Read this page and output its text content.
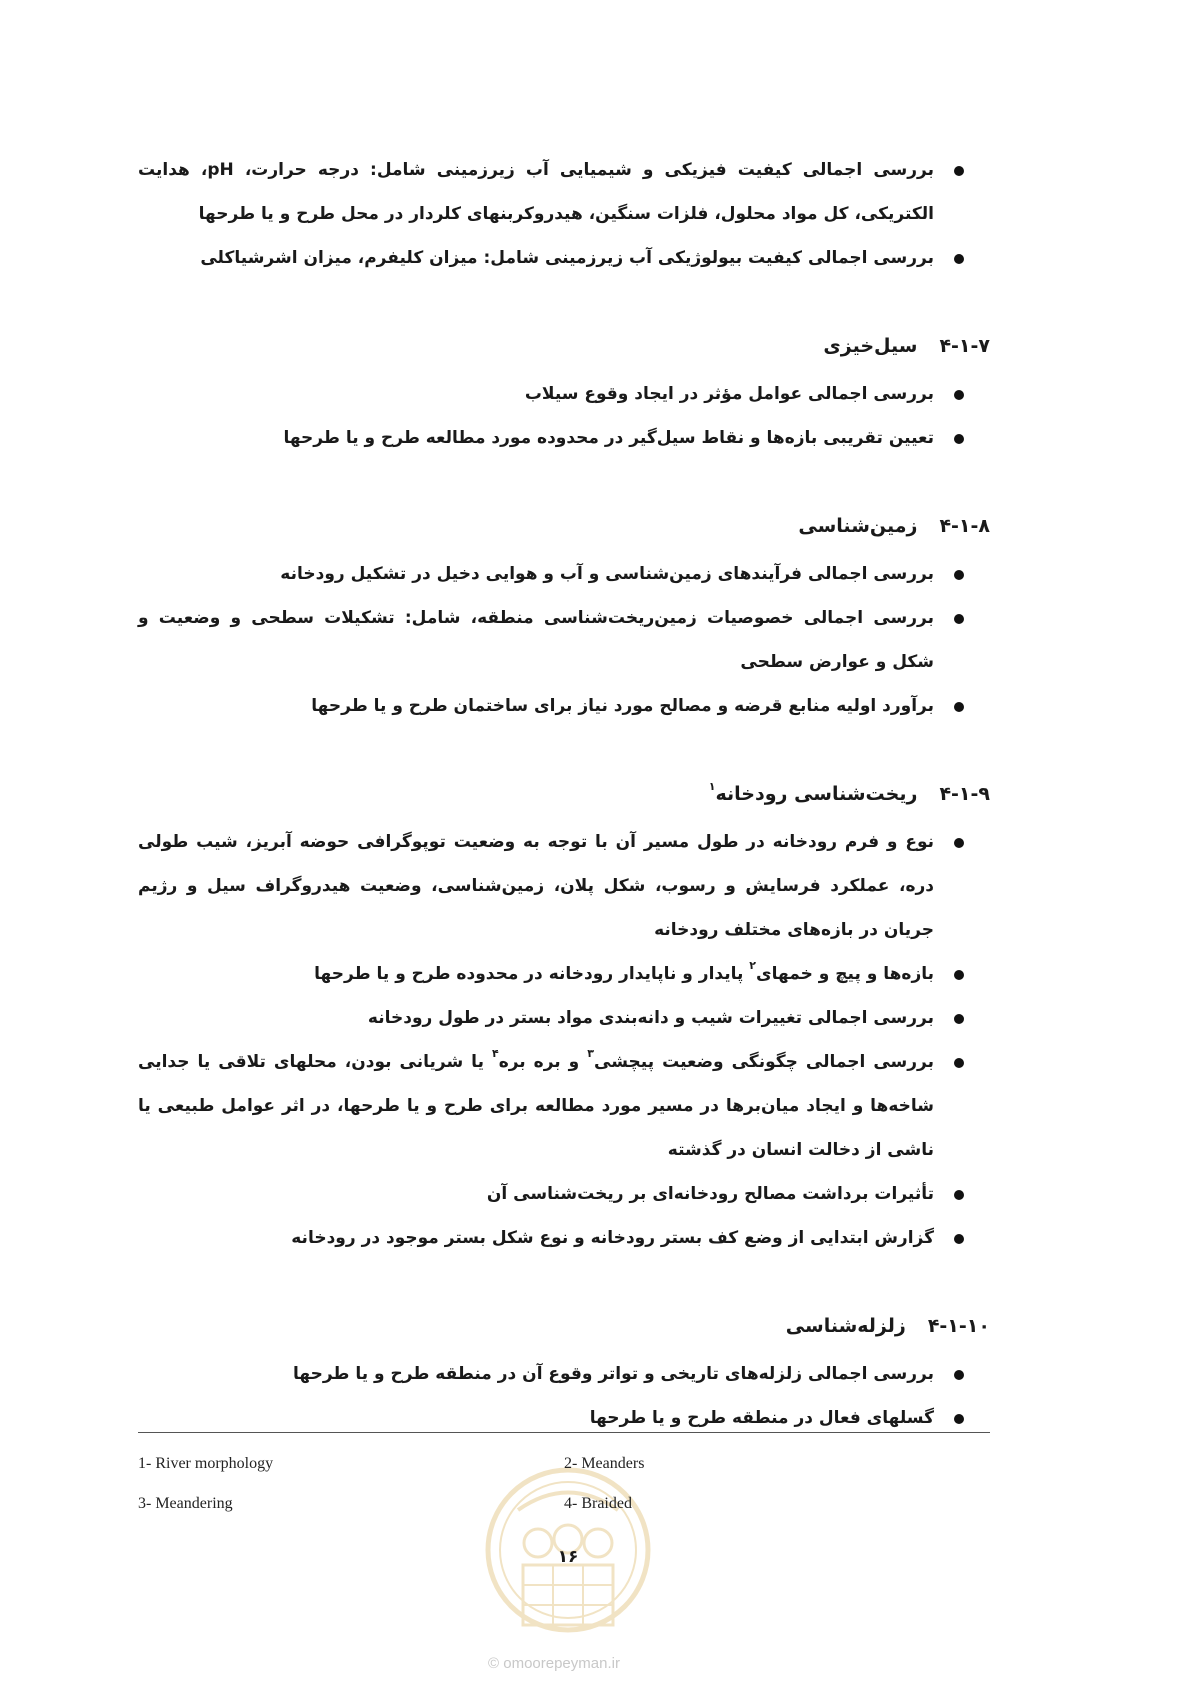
بررسی اجمالی کیفیت فیزیکی و شیمیایی آب زیرزمینی شامل: درجه حرارت، pH، هدایت الکتریکی، کل مواد محلول، فلزات سنگین، هیدروکربنهای کلردار در محل طرح و یا طرحها
بررسی اجمالی کیفیت بیولوژیکی آب زیرزمینی شامل: میزان کلیفرم، میزان اشرشیاکلی
۴-۱-۷سیل‌خیزی
بررسی اجمالی عوامل مؤثر در ایجاد وقوع سیلاب
تعیین تقریبی بازه‌ها و نقاط سیل‌گیر در محدوده مورد مطالعه طرح و یا طرحها
۴-۱-۸زمین‌شناسی
بررسی اجمالی فرآیندهای زمین‌شناسی و آب و هوایی دخیل در تشکیل رودخانه
بررسی اجمالی خصوصیات زمین‌ریخت‌شناسی منطقه، شامل: تشکیلات سطحی و وضعیت و شکل و عوارض سطحی
برآورد اولیه منابع قرضه و مصالح مورد نیاز برای ساختمان طرح و یا طرحها
۴-۱-۹ریخت‌شناسی رودخانه$^۱$
نوع و فرم رودخانه در طول مسیر آن با توجه به وضعیت توپوگرافی حوضه آبریز، شیب طولی دره، عملکرد فرسایش و رسوب، شکل پلان، زمین‌شناسی، وضعیت هیدروگراف سیل و رژیم جریان در بازه‌های مختلف رودخانه
بازه‌ها و پیچ و خمهای$^۲$ پایدار و ناپایدار رودخانه در محدوده طرح و یا طرحها
بررسی اجمالی تغییرات شیب و دانه‌بندی مواد بستر در طول رودخانه
بررسی اجمالی چگونگی وضعیت پیچشی$^۳$ و بره بره$^۴$ یا شریانی بودن، محلهای تلاقی یا جدایی شاخه‌ها و ایجاد میان‌برها در مسیر مورد مطالعه برای طرح و یا طرحها، در اثر عوامل طبیعی یا ناشی از دخالت انسان در گذشته
تأثیرات برداشت مصالح رودخانه‌ای بر ریخت‌شناسی آن
گزارش ابتدایی از وضع کف بستر رودخانه و نوع شکل بستر موجود در رودخانه
۴-۱-۱۰زلزله‌شناسی
بررسی اجمالی زلزله‌های تاریخی و تواتر وقوع آن در منطقه طرح و یا طرحها
گسلهای فعال در منطقه طرح و یا طرحها
1- River morphology	2- Meanders
3- Meandering	4- Braided
۱۶
© omoorepeyman.ir
